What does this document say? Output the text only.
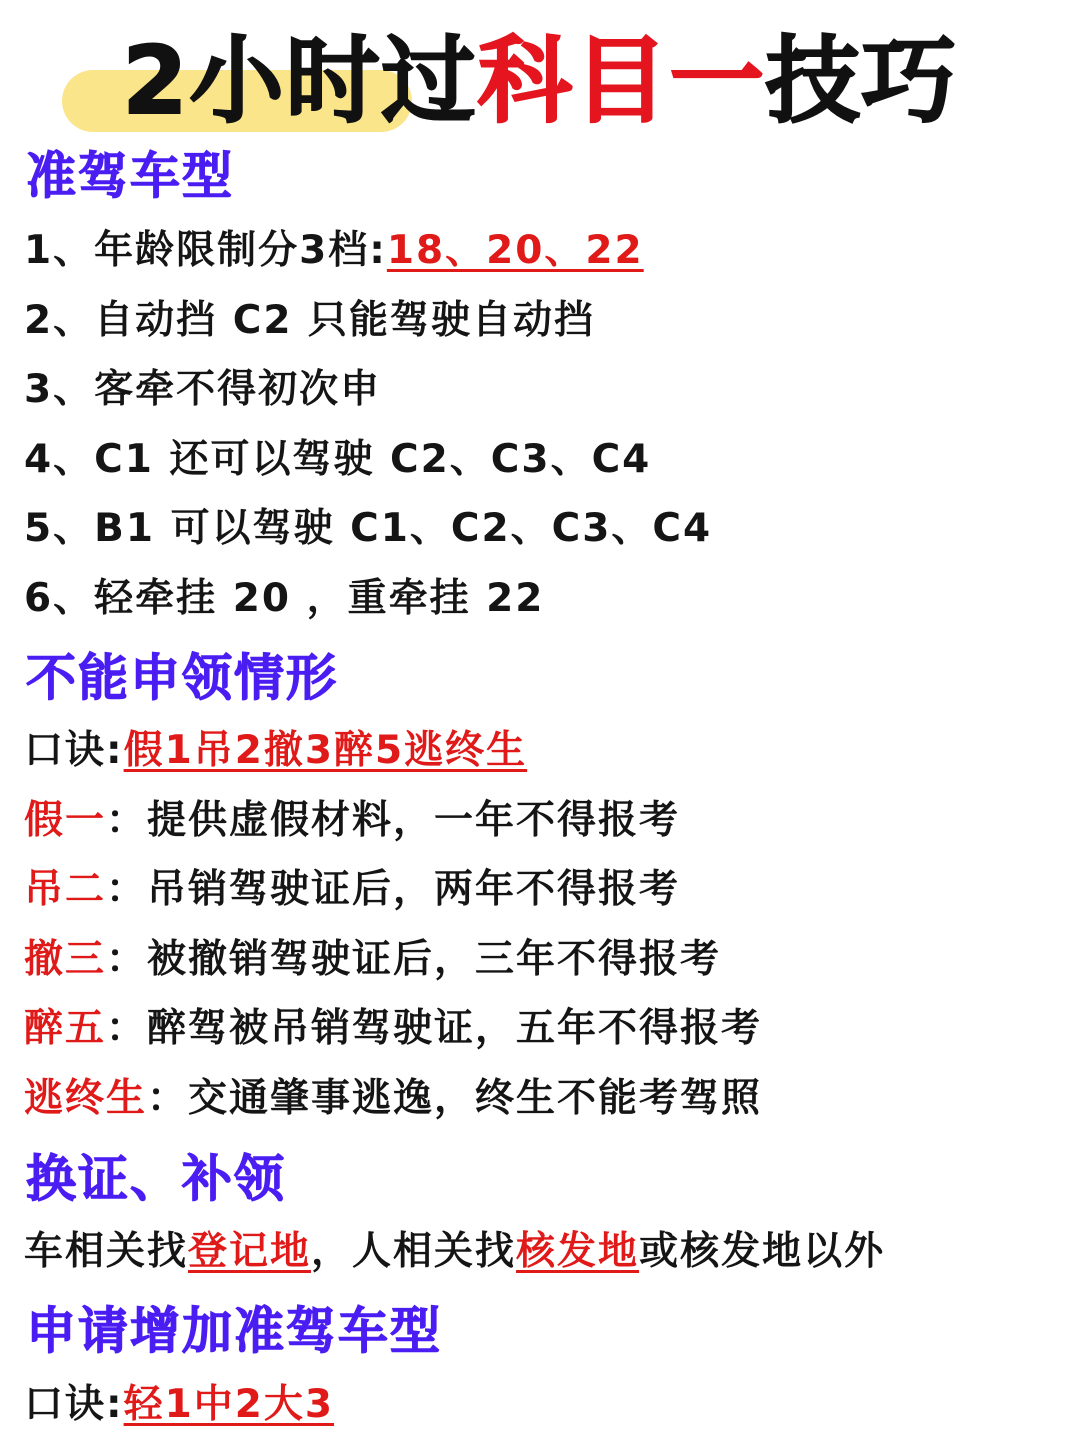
2小时过科目一技巧
准驾车型
1、年龄限制分3档:18、20、22
2、自动挡 C2 只能驾驶自动挡
3、客牵不得初次申
4、C1 还可以驾驶 C2、C3、C4
5、B1 可以驾驶 C1、C2、C3、C4
6、轻牵挂 20 ，重牵挂 22
不能申领情形
口诀:假1吊2撤3醉5逃终生
假一：提供虚假材料，一年不得报考
吊二：吊销驾驶证后，两年不得报考
撤三：被撤销驾驶证后，三年不得报考
醉五：醉驾被吊销驾驶证，五年不得报考
逃终生：交通肇事逃逸，终生不能考驾照
换证、补领
车相关找登记地，人相关找核发地或核发地以外
申请增加准驾车型
口诀:轻1中2大3
